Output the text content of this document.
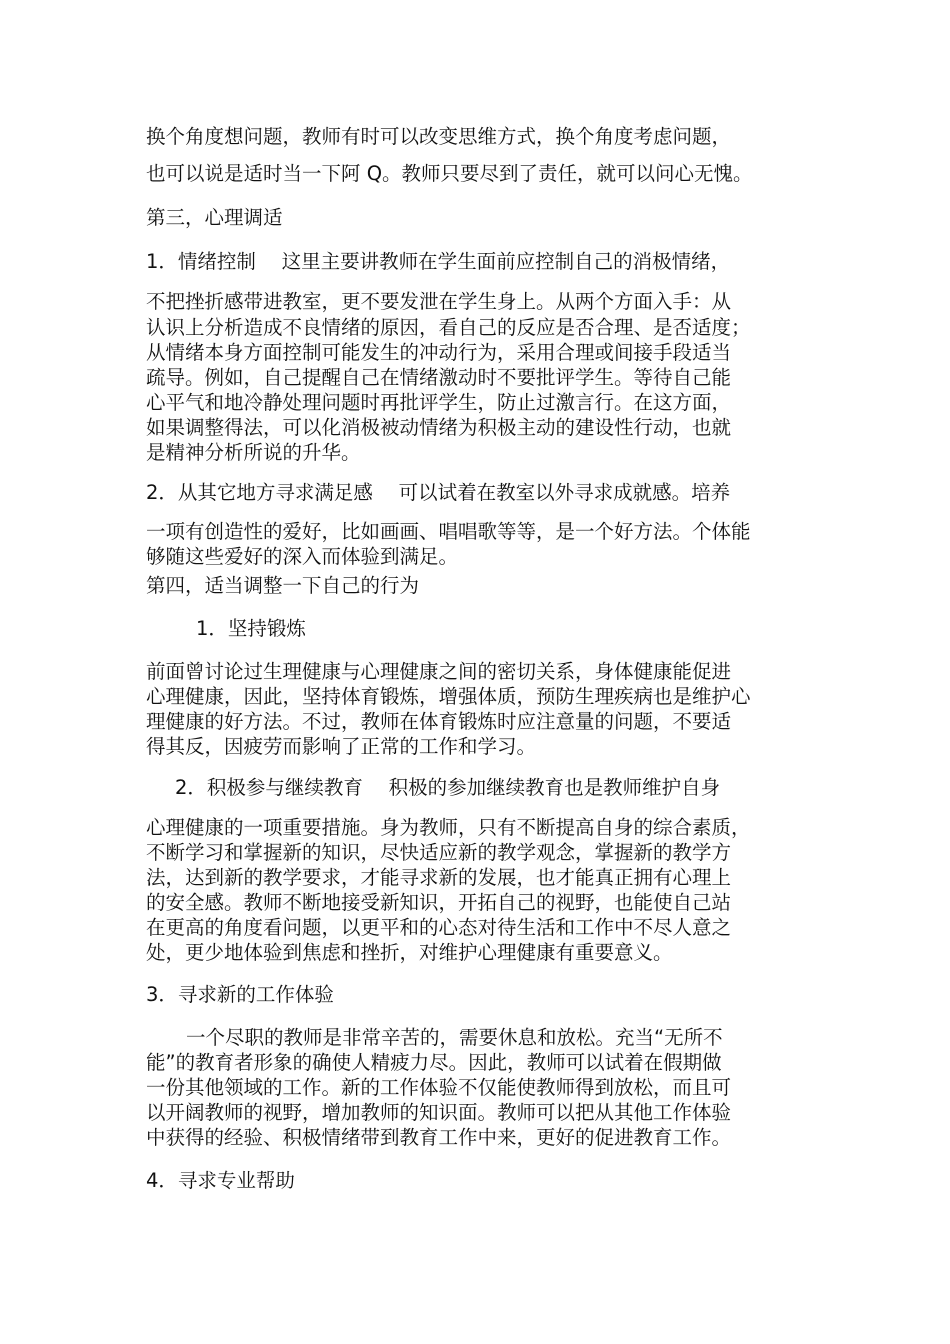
换个角度想问题，教师有时可以改变思维方式，换个角度考虑问题，

也可以说是适时当一下阿 Q。教师只要尽到了责任，就可以问心无愧。

第三，心理调适

1．情绪控制　 这里主要讲教师在学生面前应控制自己的消极情绪，

不把挫折感带进教室，更不要发泄在学生身上。从两个方面入手：从

认识上分析造成不良情绪的原因，看自己的反应是否合理、是否适度；

从情绪本身方面控制可能发生的冲动行为，采用合理或间接手段适当

疏导。例如，自己提醒自己在情绪激动时不要批评学生。等待自己能

心平气和地冷静处理问题时再批评学生，防止过激言行。在这方面，

如果调整得法，可以化消极被动情绪为积极主动的建设性行动，也就

是精神分析所说的升华。

2．从其它地方寻求满足感　 可以试着在教室以外寻求成就感。培养

一项有创造性的爱好，比如画画、唱唱歌等等，是一个好方法。个体能

够随这些爱好的深入而体验到满足。

第四，适当调整一下自己的行为

1．坚持锻炼

前面曾讨论过生理健康与心理健康之间的密切关系，身体健康能促进

心理健康，因此，坚持体育锻炼，增强体质，预防生理疾病也是维护心

理健康的好方法。不过，教师在体育锻炼时应注意量的问题，不要适

得其反，因疲劳而影响了正常的工作和学习。

2．积极参与继续教育　 积极的参加继续教育也是教师维护自身

心理健康的一项重要措施。身为教师，只有不断提高自身的综合素质，

不断学习和掌握新的知识，尽快适应新的教学观念，掌握新的教学方

法，达到新的教学要求，才能寻求新的发展，也才能真正拥有心理上

的安全感。教师不断地接受新知识，开拓自己的视野，也能使自己站

在更高的角度看问题，以更平和的心态对待生活和工作中不尽人意之

处，更少地体验到焦虑和挫折，对维护心理健康有重要意义。

3．寻求新的工作体验

一个尽职的教师是非常辛苦的，需要休息和放松。充当“无所不

能”的教育者形象的确使人精疲力尽。因此，教师可以试着在假期做

一份其他领域的工作。新的工作体验不仅能使教师得到放松，而且可

以开阔教师的视野，增加教师的知识面。教师可以把从其他工作体验

中获得的经验、积极情绪带到教育工作中来，更好的促进教育工作。

4．寻求专业帮助
